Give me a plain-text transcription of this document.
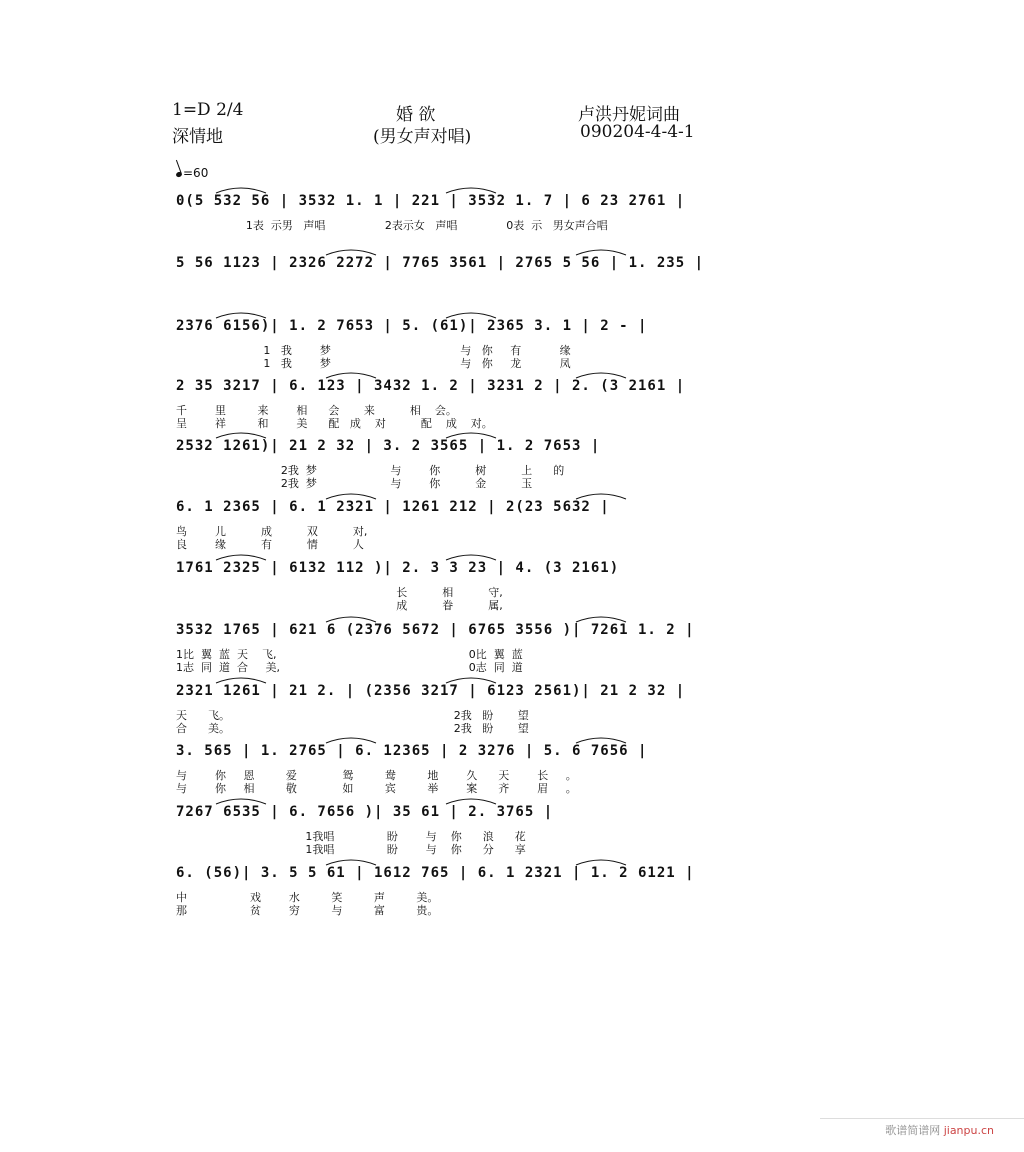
1=D 2/4	婚 欲	卢洪丹妮词曲
深情地	(男女声对唱)	090204-4-4-1
=60
0(5 532 56 | 3532 1. 1 | 221 | 3532 1. 7 | 6 23 2761 |
1表  示男   声唱                 2表示女   声唱              0表  示   男女声合唱
5 56 1123 | 2326 2272 | 7765 3561 | 2765 5 56 | 1. 235 |
2376 6156)| 1. 2 7653 | 5. (61)| 2365 3. 1 | 2 - |
1   我        梦                                     与   你     有           缘
1   我        梦                                     与   你     龙           凤
2 35 3217 | 6. 123 | 3432 1. 2 | 3231 2 | 2. (3 2161 |
千        里         来        相      会       来          相    会。
呈        祥         和        美      配   成    对          配    成    对。
2532 1261)| 21 2 32 | 3. 2 3565 | 1. 2 7653 |
2我  梦                     与        你          树          上      的
2我  梦                     与        你          金          玉
6. 1 2365 | 6. 1 2321 | 1261 212 | 2(23 5632 |
鸟        儿          成          双          对,
良        缘          有          情          人
1761 2325 | 6132 112 )| 2. 3 3 23 | 4. (3 2161)
长          相          守,
成          眷          属,
3532 1765 | 621 6 (2376 5672 | 6765 3556 )| 7261 1. 2 |
1比  翼  蓝  天    飞,                                                       0比  翼  蓝
1志  同  道  合     美,                                                      0志  同  道
2321 1261 | 21 2. | (2356 3217 | 6123 2561)| 21 2 32 |
天      飞。                                                                2我   盼       望
合      美。                                                                2我   盼       望
3. 565 | 1. 2765 | 6. 12365 | 2 3276 | 5. 6 7656 |
与        你     恩         爱             鸳         鸯         地        久      天        长     。
与        你     相         敬             如         宾         举        案      齐        眉     。
7267 6535 | 6. 7656 )| 35 61 | 2. 3765 |
1我唱               盼        与    你      浪      花
1我唱               盼        与    你      分      享
6. (56)| 3. 5 5 61 | 1612 765 | 6. 1 2321 | 1. 2 6121 |
中                  戏        水         笑         声         美。
那                  贫        穷         与         富         贵。
歌谱简谱网 jianpu.cn
